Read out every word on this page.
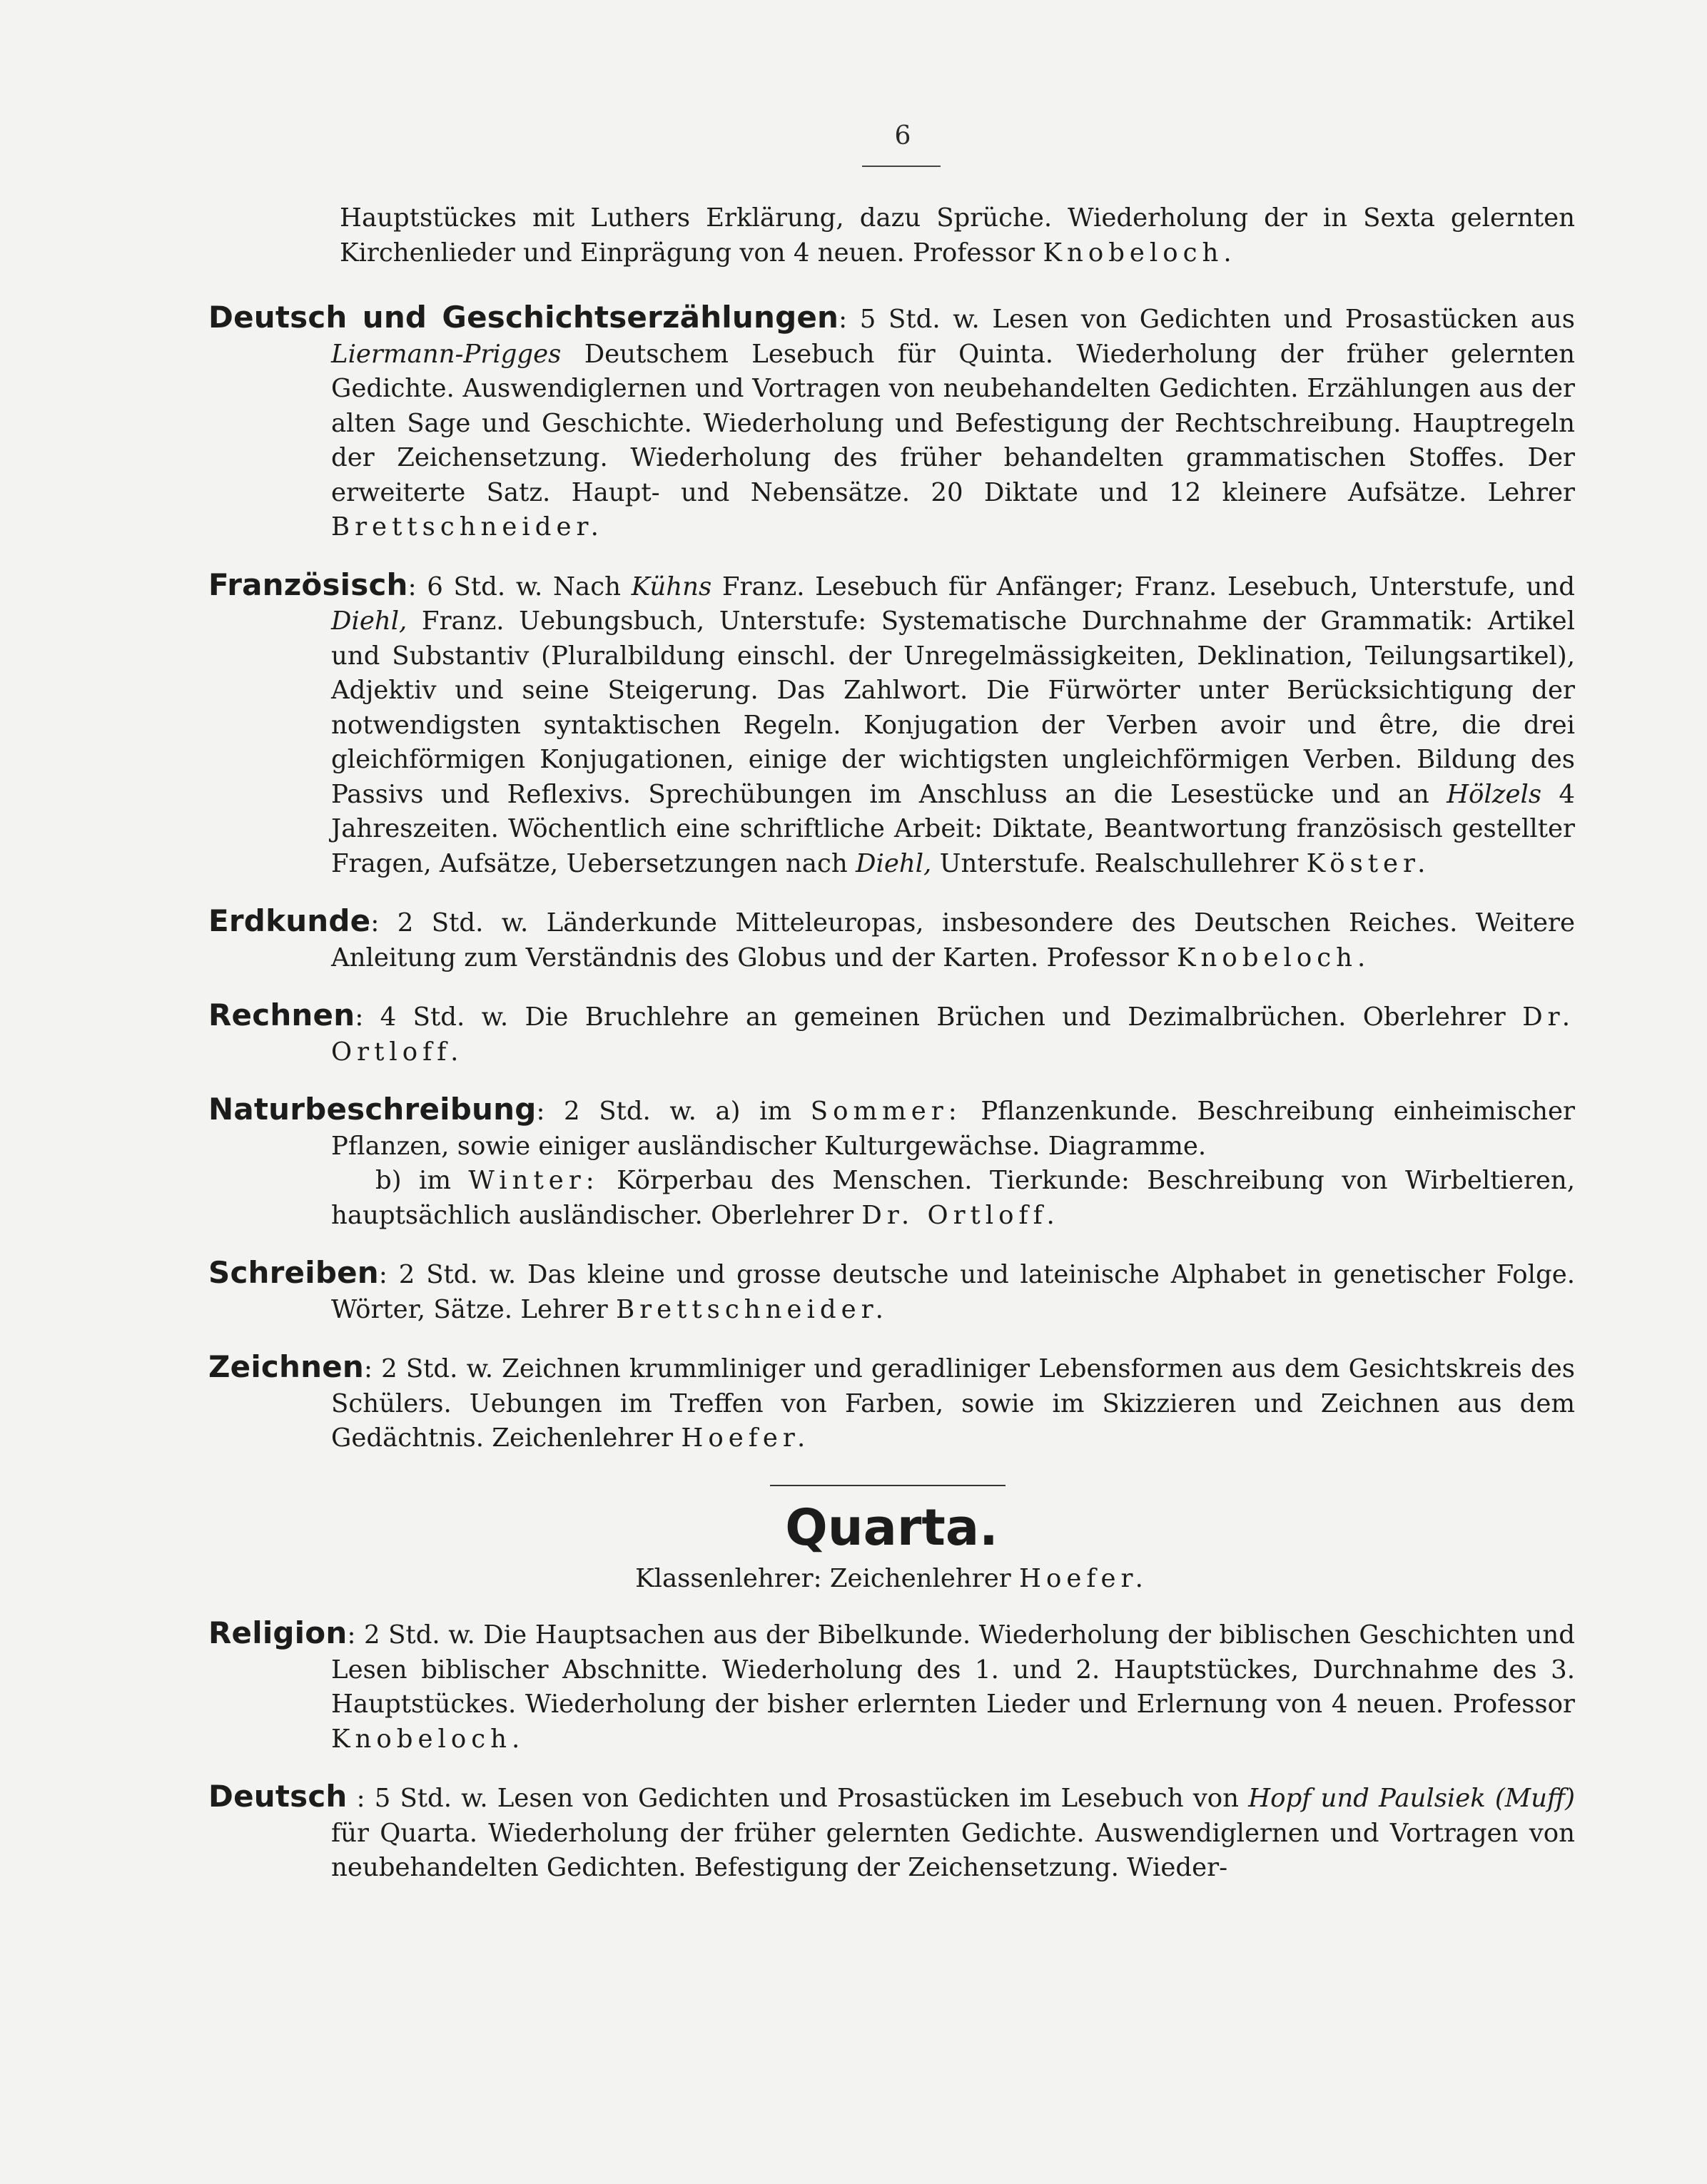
6
Hauptstückes mit Luthers Erklärung, dazu Sprüche. Wiederholung der in Sexta gelernten Kirchenlieder und Einprägung von 4 neuen. Professor Knobeloch.
Deutsch und Geschichtserzählungen: 5 Std. w. Lesen von Gedichten und Prosastücken aus Liermann-Prigges Deutschem Lesebuch für Quinta. Wiederholung der früher gelernten Gedichte. Auswendiglernen und Vortragen von neubehandelten Gedichten. Erzählungen aus der alten Sage und Geschichte. Wiederholung und Befestigung der Rechtschreibung. Hauptregeln der Zeichensetzung. Wiederholung des früher behandelten grammatischen Stoffes. Der erweiterte Satz. Haupt- und Nebensätze. 20 Diktate und 12 kleinere Aufsätze. Lehrer Brettschneider.
Französisch: 6 Std. w. Nach Kühns Franz. Lesebuch für Anfänger; Franz. Lesebuch, Unterstufe, und Diehl, Franz. Uebungsbuch, Unterstufe: Systematische Durchnahme der Grammatik: Artikel und Substantiv (Pluralbildung einschl. der Unregelmässigkeiten, Deklination, Teilungsartikel), Adjektiv und seine Steigerung. Das Zahlwort. Die Fürwörter unter Berücksichtigung der notwendigsten syntaktischen Regeln. Konjugation der Verben avoir und être, die drei gleichförmigen Konjugationen, einige der wichtigsten ungleichförmigen Verben. Bildung des Passivs und Reflexivs. Sprechübungen im Anschluss an die Lesestücke und an Hölzels 4 Jahreszeiten. Wöchentlich eine schriftliche Arbeit: Diktate, Beantwortung französisch gestellter Fragen, Aufsätze, Uebersetzungen nach Diehl, Unterstufe. Realschullehrer Köster.
Erdkunde: 2 Std. w. Länderkunde Mitteleuropas, insbesondere des Deutschen Reiches. Weitere Anleitung zum Verständnis des Globus und der Karten. Professor Knobeloch.
Rechnen: 4 Std. w. Die Bruchlehre an gemeinen Brüchen und Dezimalbrüchen. Oberlehrer Dr. Ortloff.
Naturbeschreibung: 2 Std. w. a) im Sommer: Pflanzenkunde. Beschreibung einheimischer Pflanzen, sowie einiger ausländischer Kulturgewächse. Diagramme.
b) im Winter: Körperbau des Menschen. Tierkunde: Beschreibung von Wirbeltieren, hauptsächlich ausländischer. Oberlehrer Dr. Ortloff.
Schreiben: 2 Std. w. Das kleine und grosse deutsche und lateinische Alphabet in genetischer Folge. Wörter, Sätze. Lehrer Brettschneider.
Zeichnen: 2 Std. w. Zeichnen krummliniger und geradliniger Lebensformen aus dem Gesichtskreis des Schülers. Uebungen im Treffen von Farben, sowie im Skizzieren und Zeichnen aus dem Gedächtnis. Zeichenlehrer Hoefer.
Quarta.
Klassenlehrer: Zeichenlehrer Hoefer.
Religion: 2 Std. w. Die Hauptsachen aus der Bibelkunde. Wiederholung der biblischen Geschichten und Lesen biblischer Abschnitte. Wiederholung des 1. und 2. Hauptstückes, Durchnahme des 3. Hauptstückes. Wiederholung der bisher erlernten Lieder und Erlernung von 4 neuen. Professor Knobeloch.
Deutsch : 5 Std. w. Lesen von Gedichten und Prosastücken im Lesebuch von Hopf und Paulsiek (Muff) für Quarta. Wiederholung der früher gelernten Gedichte. Auswendiglernen und Vortragen von neubehandelten Gedichten. Befestigung der Zeichensetzung. Wieder-
